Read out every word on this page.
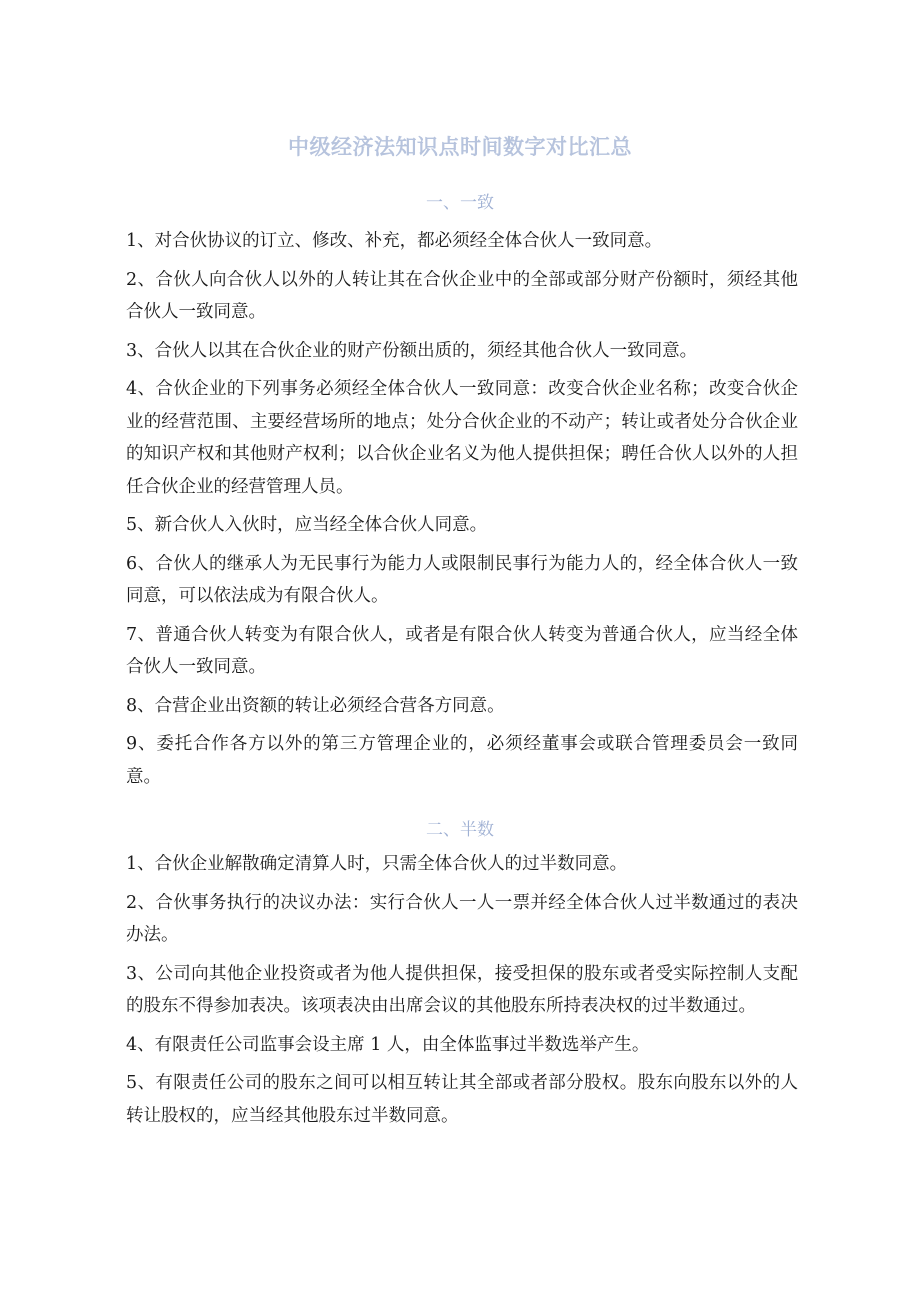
中级经济法知识点时间数字对比汇总
一、一致
1、对合伙协议的订立、修改、补充，都必须经全体合伙人一致同意。
2、合伙人向合伙人以外的人转让其在合伙企业中的全部或部分财产份额时，须经其他合伙人一致同意。
3、合伙人以其在合伙企业的财产份额出质的，须经其他合伙人一致同意。
4、合伙企业的下列事务必须经全体合伙人一致同意：改变合伙企业名称；改变合伙企业的经营范围、主要经营场所的地点；处分合伙企业的不动产；转让或者处分合伙企业的知识产权和其他财产权利；以合伙企业名义为他人提供担保；聘任合伙人以外的人担任合伙企业的经营管理人员。
5、新合伙人入伙时，应当经全体合伙人同意。
6、合伙人的继承人为无民事行为能力人或限制民事行为能力人的，经全体合伙人一致同意，可以依法成为有限合伙人。
7、普通合伙人转变为有限合伙人，或者是有限合伙人转变为普通合伙人，应当经全体合伙人一致同意。
8、合营企业出资额的转让必须经合营各方同意。
9、委托合作各方以外的第三方管理企业的，必须经董事会或联合管理委员会一致同意。
二、半数
1、合伙企业解散确定清算人时，只需全体合伙人的过半数同意。
2、合伙事务执行的决议办法：实行合伙人一人一票并经全体合伙人过半数通过的表决办法。
3、公司向其他企业投资或者为他人提供担保，接受担保的股东或者受实际控制人支配的股东不得参加表决。该项表决由出席会议的其他股东所持表决权的过半数通过。
4、有限责任公司监事会设主席 1 人，由全体监事过半数选举产生。
5、有限责任公司的股东之间可以相互转让其全部或者部分股权。股东向股东以外的人转让股权的，应当经其他股东过半数同意。
